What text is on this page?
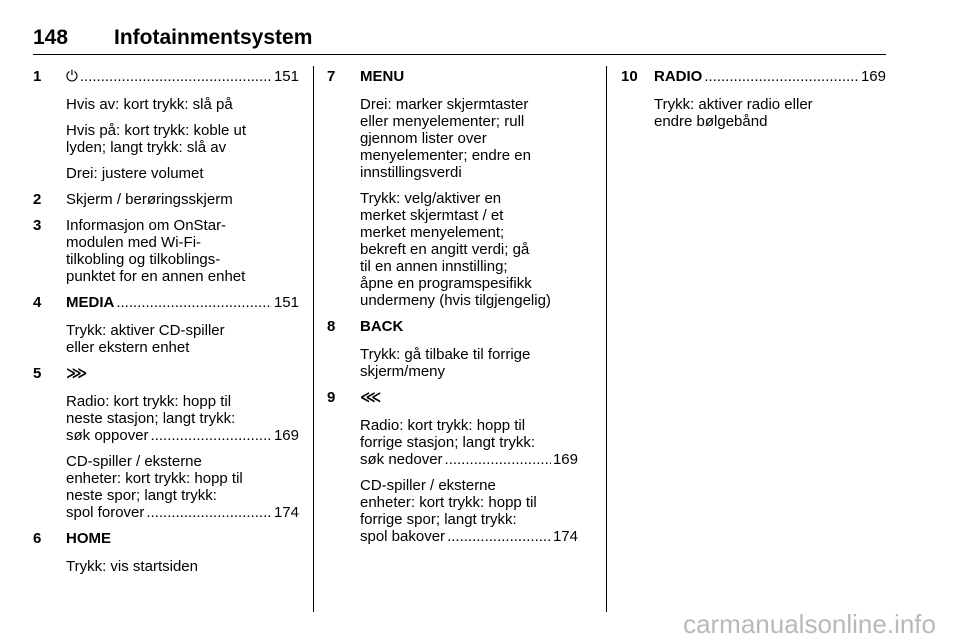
148 Infotainmentsystem
1 ⏻ .....	151

Hvis av: kort trykk: slå på

Hvis på: kort trykk: koble ut
lyden; langt trykk: slå av

Drei: justere volumet

2 Skjerm / berøringsskjerm
3 Informasjon om OnStar-
modulen med Wi-Fi-
tilkobling og tilkoblings-
punktet for en annen enhet
4 MEDIA .....	151

Trykk: aktiver CD-spiller
eller ekstern enhet

5 ⋙

Radio: kort trykk: hopp til
neste stasjon; langt trykk:
søk oppover .....	169

CD-spiller / eksterne
enheter: kort trykk: hopp til
neste spor; langt trykk:
spol forover .....	174

6 HOME

Trykk: vis startsiden

7 MENU

Drei: marker skjermtaster
eller menyelementer; rull
gjennom lister over
menyelementer; endre en
innstillingsverdi

Trykk: velg/aktiver en
merket skjermtast / et
merket menyelement;
bekreft en angitt verdi; gå
til en annen innstilling;
åpne en programspesifikk
undermeny (hvis tilgjengelig)

8 BACK

Trykk: gå tilbake til forrige
skjerm/meny

9 ⋘

Radio: kort trykk: hopp til
forrige stasjon; langt trykk:
søk nedover .....	169

CD-spiller / eksterne
enheter: kort trykk: hopp til
forrige spor; langt trykk:
spol bakover .....	174

10 RADIO .....	169

Trykk: aktiver radio eller
endre bølgebånd

carmanualsonline.info
